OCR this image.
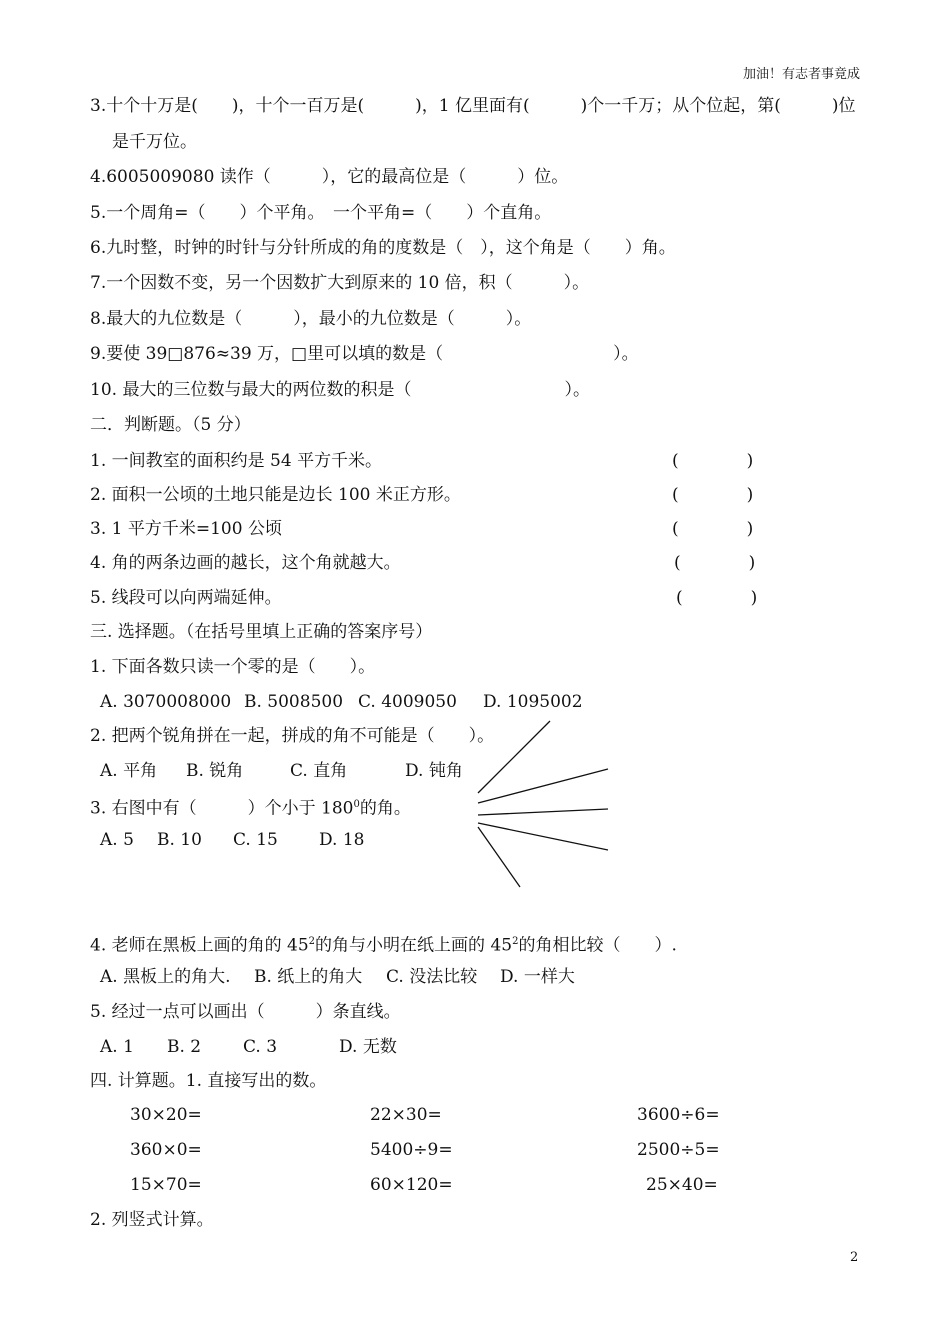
加油！有志者事竟成
3.十个十万是(　　)，十个一百万是(　　　)，1 亿里面有(　　　)个一千万；从个位起，第(　　　)位
是千万位。
4.6005009080 读作（　　　），它的最高位是（　　　）位。
5.一个周角=（　　）个平角。　一个平角=（　　）个直角。
6.九时整，时钟的时针与分针所成的角的度数是（　），这个角是（　　）角。
7.一个因数不变，另一个因数扩大到原来的 10 倍，积（　　　）。
8.最大的九位数是（　　　），最小的九位数是（　　　）。
9.要使 39□876≈39 万，□里可以填的数是（　　　　　　　　　　）。
10. 最大的三位数与最大的两位数的积是（　　　　　　　　　）。
二．判断题。（5 分）
1. 一间教室的面积约是 54 平方千米。	(　　　　)
2. 面积一公顷的土地只能是边长 100 米正方形。	(　　　　)
3. 1 平方千米=100 公顷	(　　　　)
4. 角的两条边画的越长，这个角就越大。	(　　　　)
5. 线段可以向两端延伸。	(　　　　)
三. 选择题。（在括号里填上正确的答案序号）
1. 下面各数只读一个零的是（　　）。
A. 3070008000 B. 5008500 C. 4009050 D. 1095002
2. 把两个锐角拼在一起，拼成的角不可能是（　　）。
A. 平角 B. 锐角	C. 直角	D. 钝角
3. 右图中有（　　　）个小于 $180^0$的角。
A. 5 B. 10 C. 15 D. 18
4. 老师在黑板上画的角的 $45^2$的角与小明在纸上画的 $45^2$的角相比较（　　）.
A. 黑板上的角大. B. 纸上的角大 C. 没法比较 D. 一样大
5. 经过一点可以画出（　　　）条直线。
A. 1 B. 2 C. 3	D. 无数
四. 计算题。1. 直接写出的数。
30×20=	22×30=	3600÷6=
360×0=	5400÷9=	2500÷5=
15×70=	60×120=	25×40=
2. 列竖式计算。
2
